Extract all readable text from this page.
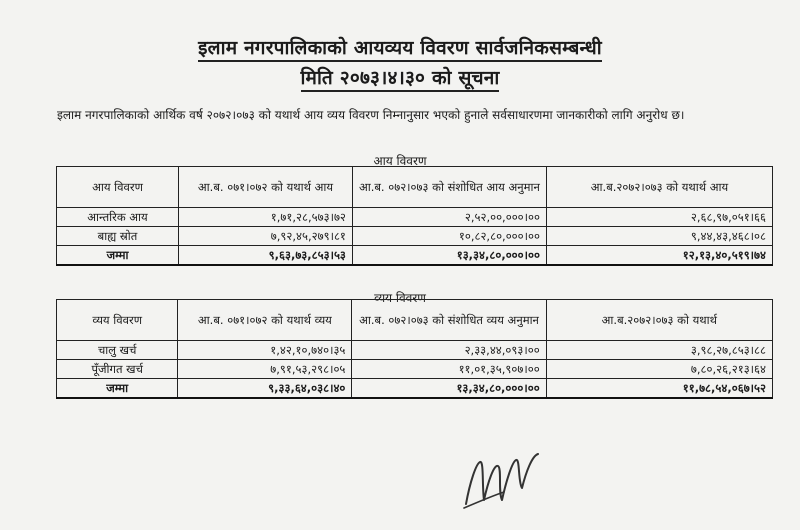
इलाम नगरपालिकाको आयव्यय विवरण सार्वजनिकसम्बन्धी
मिति २०७३।४।३० को सूचना
इलाम नगरपालिकाको आर्थिक वर्ष २०७२।०७३ को यथार्थ आय व्यय विवरण निम्नानुसार भएको हुनाले सर्वसाधारणमा जानकारीको लागि अनुरोध छ।
आय विवरण
आय विवरण	आ.ब. ०७१।०७२ को यथार्थ आय	आ.ब. ०७२।०७३ को संशोधित आय अनुमान	आ.ब.२०७२।०७३ को यथार्थ आय
आन्तरिक आय	१,७१,२८,५७३।७२	२,५२,००,०००।००	२,६८,९७,०५१।६६
बाह्य स्रोत	७,९२,४५,२७९।८१	१०,८२,८०,०००।००	९,४४,४३,४६८।०८
जम्मा	९,६३,७३,८५३।५३	१३,३४,८०,०००।००	१२,१३,४०,५१९।७४
व्यय विवरण
व्यय विवरण	आ.ब. ०७१।०७२ को यथार्थ व्यय	आ.ब. ०७२।०७३ को संशोधित व्यय अनुमान	आ.ब.२०७२।०७३ को यथार्थ
चालु खर्च	१,४२,१०,७४०।३५	२,३३,४४,०९३।००	३,९८,२७,८५३।८८
पूँजीगत खर्च	७,९१,५३,२९८।०५	११,०१,३५,९०७।००	७,८०,२६,२१३।६४
जम्मा	९,३३,६४,०३८।४०	१३,३४,८०,०००।००	११,७८,५४,०६७।५२
